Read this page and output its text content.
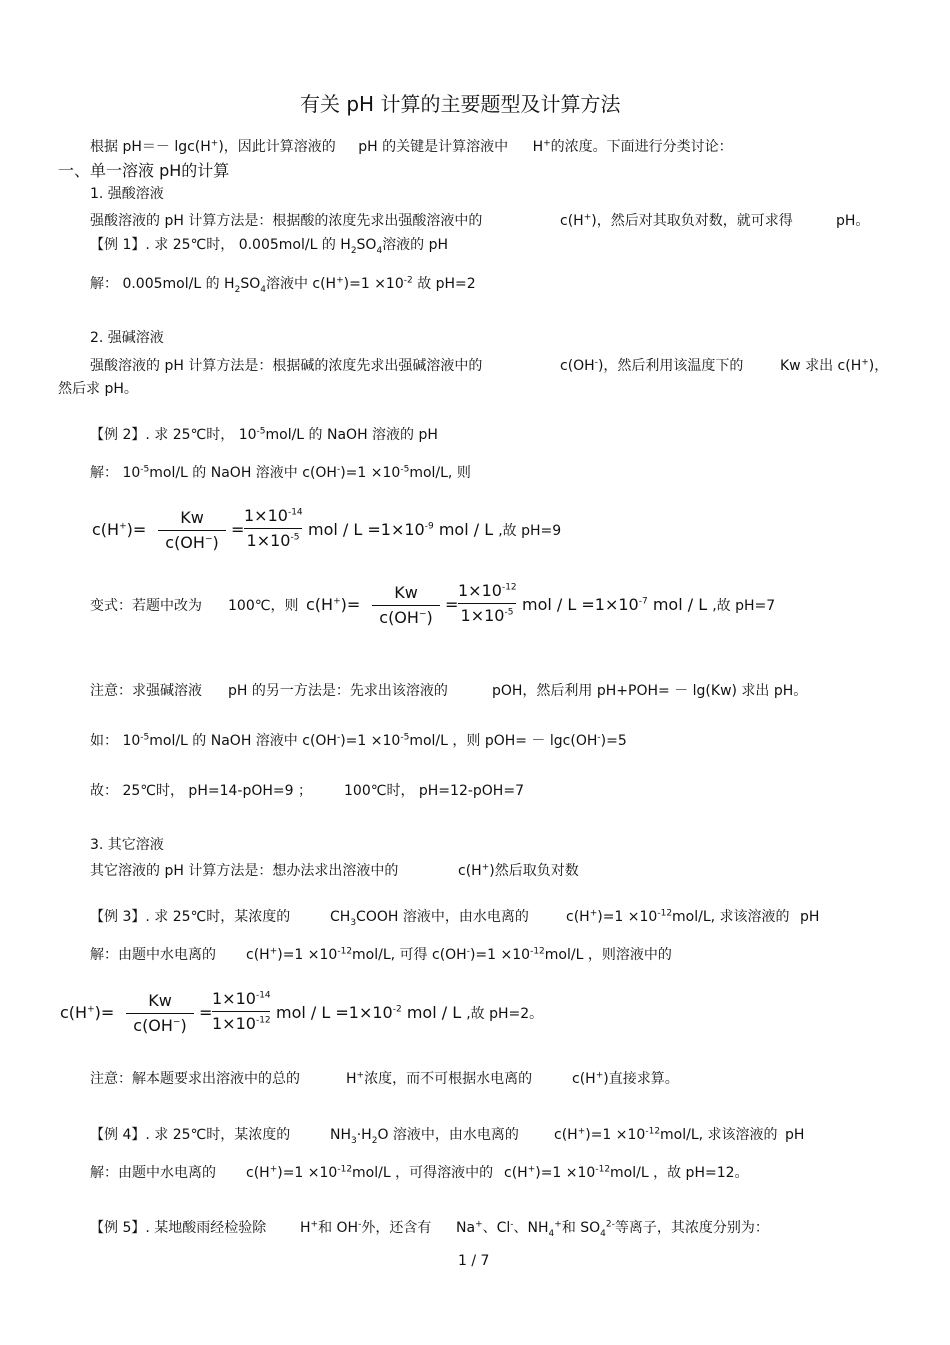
有关 pH 计算的主要题型及计算方法
根据 pH＝－ lgc(H+)，因此计算溶液的 pH 的关键是计算溶液中 H+的浓度。下面进行分类讨论：
一、单一溶液 pH的计算
1. 强酸溶液
强酸溶液的 pH 计算方法是：根据酸的浓度先求出强酸溶液中的	c(H+)，然后对其取负对数，就可求得	pH。
【例 1】. 求 25℃时， 0.005mol/L 的 $H_2SO_4$溶液的 pH
解： 0.005mol/L 的 $H_2SO_4$溶液中 $c(H^+)=1 \times 10^{-2}$ 故 pH=2
2. 强碱溶液
强酸溶液的 pH 计算方法是：根据碱的浓度先求出强碱溶液中的	c(OH-)，然后利用该温度下的	Kw 求出 c(H+)，
然后求 pH。
【例 2】. 求 25℃时， $10^{-5}mol/L$ 的 NaOH 溶液的 pH
解： $10^{-5}mol/L$ 的 NaOH 溶液中 $c(OH^-)=1 \times 10^{-5}mol/L$, 则
c(H+)=
Kw
c(OH−)
=
$1\times 10^{-14}$
$1\times 10^{-5}$ mol / $L =1\times 10^{-9}$ mol / L ,故 pH=9
变式：若题中改为 100℃，则 c(H+)=
Kw
c(OH−)
=
$1\times 10^{-12}$
$1\times 10^{-5}$ mol / $L =1\times 10^{-7}$ mol / L ,故 pH=7
注意：求强碱溶液 pH 的另一方法是：先求出该溶液的	pOH，然后利用 pH+POH= － lg(Kw) 求出 pH。
如： $10^{-5}mol/L$ 的 NaOH 溶液中 $c(OH^-)=1 \times 10^{-5}mol/L$ ，则 pOH= － lgc(OH-)=5
故： 25℃时， pH=14-pOH=9 ； 100℃时， pH=12-pOH=7
3. 其它溶液
其它溶液的 pH 计算方法是：想办法求出溶液中的	c(H+)然后取负对数
【例 3】. 求 25℃时，某浓度的	$CH_3COOH$ 溶液中，由水电离的	$c(H^+)=1 \times 10^{-12}mol/L$, 求该溶液的 pH
解：由题中水电离的 $c(H^+)=1 \times 10^{-12}mol/L$, 可得 $c(OH^-)=1 \times 10^{-12}mol/L$ ，则溶液中的
c(H+)=
Kw
c(OH−)
=
$1\times 10^{-14}$
$1\times 10^{-12}$ mol / $L =1\times 10^{-2}$ mol / L ,故 pH=2。
注意：解本题要求出溶液中的总的	H+浓度，而不可根据水电离的	c(H+)直接求算。
【例 4】. 求 25℃时，某浓度的	$NH_3\cdot H_2O$ 溶液中，由水电离的	$c(H^+)=1 \times 10^{-12}mol/L$, 求该溶液的 pH
解：由题中水电离的 $c(H^+)=1 \times 10^{-12}mol/L$ ，可得溶液中的 $c(H^+)=1 \times 10^{-12}mol/L$ ，故 pH=12。
【例 5】. 某地酸雨经检验除 H+和 OH-外，还含有 Na+、Cl-、$NH_4^+$和 $SO_4^{2-}$等离子，其浓度分别为：
1 / 7
